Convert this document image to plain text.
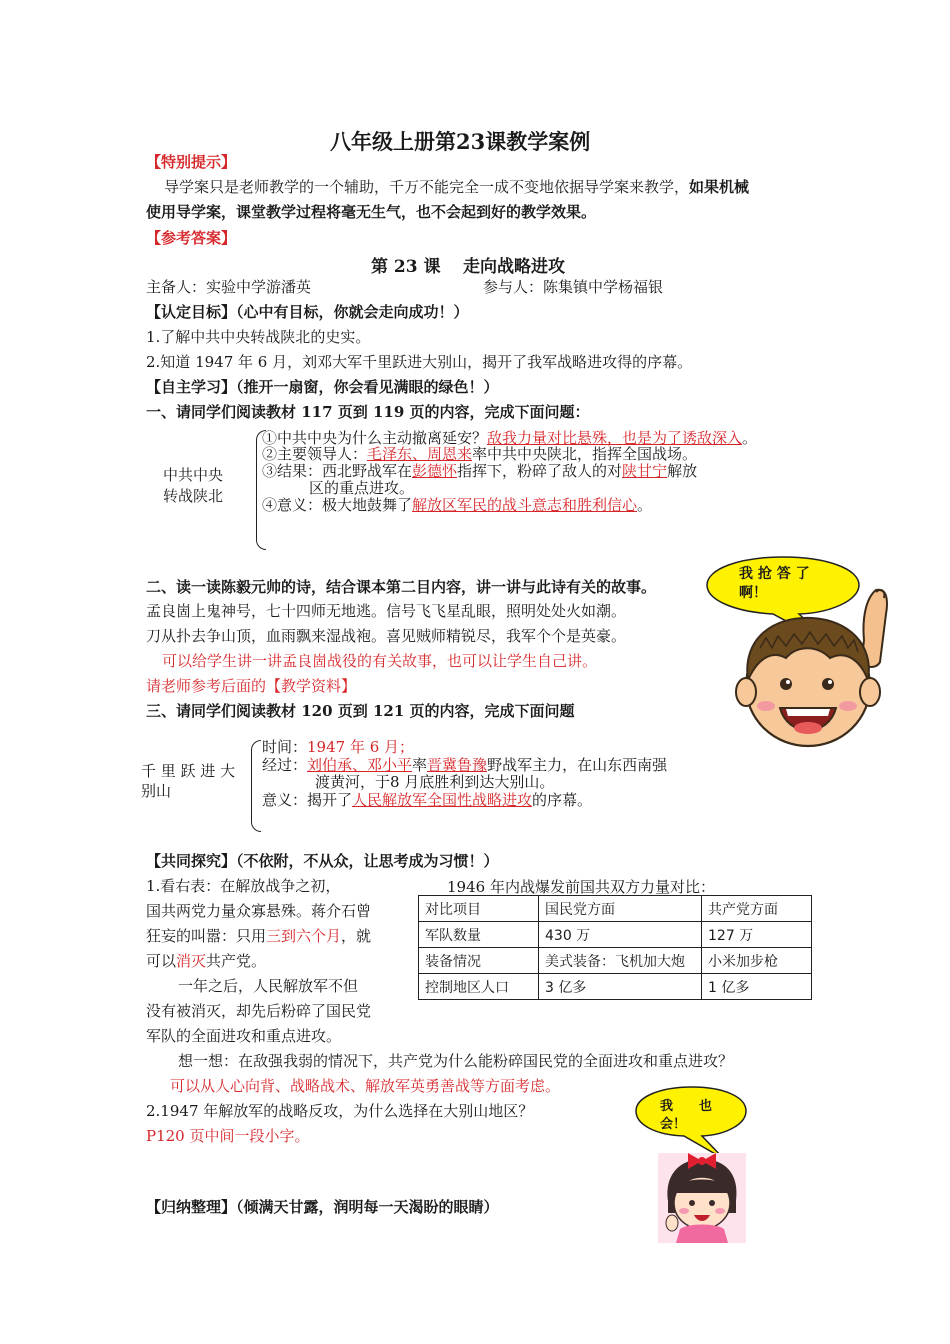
八年级上册第23课教学案例
【特别提示】
导学案只是老师教学的一个辅助，千万不能完全一成不变地依据导学案来教学，如果机械
使用导学案，课堂教学过程将毫无生气，也不会起到好的教学效果。
【参考答案】
第 23 课 走向战略进攻
主备人：实验中学游潘英	参与人：陈集镇中学杨福银
【认定目标】（心中有目标，你就会走向成功！）
1.了解中共中央转战陕北的史实。
2.知道 1947 年 6 月，刘邓大军千里跃进大别山，揭开了我军战略进攻得的序幕。
【自主学习】（推开一扇窗，你会看见满眼的绿色！）
一、请同学们阅读教材 117 页到 119 页的内容，完成下面问题：
中共中央
转战陕北
①中共中央为什么主动撤离延安？敌我力量对比悬殊，也是为了诱敌深入。
②主要领导人：毛泽东、周恩来率中共中央陕北，指挥全国战场。
③结果：西北野战军在彭德怀指挥下，粉碎了敌人的对陕甘宁解放
区的重点进攻。
④意义：极大地鼓舞了解放区军民的战斗意志和胜利信心。
二、读一读陈毅元帅的诗，结合课本第二目内容，讲一讲与此诗有关的故事。
孟良崮上鬼神号，七十四师无地逃。信号飞飞星乱眼，照明处处火如潮。
刀从扑去争山顶，血雨飘来湿战袍。喜见贼师精锐尽，我军个个是英豪。
可以给学生讲一讲孟良崮战役的有关故事，也可以让学生自己讲。
请老师参考后面的【教学资料】
三、请同学们阅读教材 120 页到 121 页的内容，完成下面问题
千 里 跃 进 大
别山
时间：1947 年 6 月；
经过：刘伯承、邓小平率晋冀鲁豫野战军主力，在山东西南强
渡黄河，于8 月底胜利到达大别山。
意义：揭开了人民解放军全国性战略进攻的序幕。
我 抢 答 了
啊！
【共同探究】（不依附，不从众，让思考成为习惯！）
1.看右表：在解放战争之初，
国共两党力量众寡悬殊。蒋介石曾
狂妄的叫嚣：只用三到六个月，就
可以消灭共产党。
一年之后，人民解放军不但
没有被消灭，却先后粉碎了国民党
军队的全面进攻和重点进攻。
1946 年内战爆发前国共双方力量对比：
对比项目	国民党方面	共产党方面
军队数量	430 万	127 万
装备情况	美式装备：飞机加大炮	小米加步枪
控制地区人口	3 亿多	1 亿多
想一想：在敌强我弱的情况下，共产党为什么能粉碎国民党的全面进攻和重点进攻？
可以从人心向背、战略战术、解放军英勇善战等方面考虑。
2.1947 年解放军的战略反攻，为什么选择在大别山地区？
P120 页中间一段小字。
我　　也
会！
【归纳整理】（倾满天甘露，润明每一天渴盼的眼睛）
